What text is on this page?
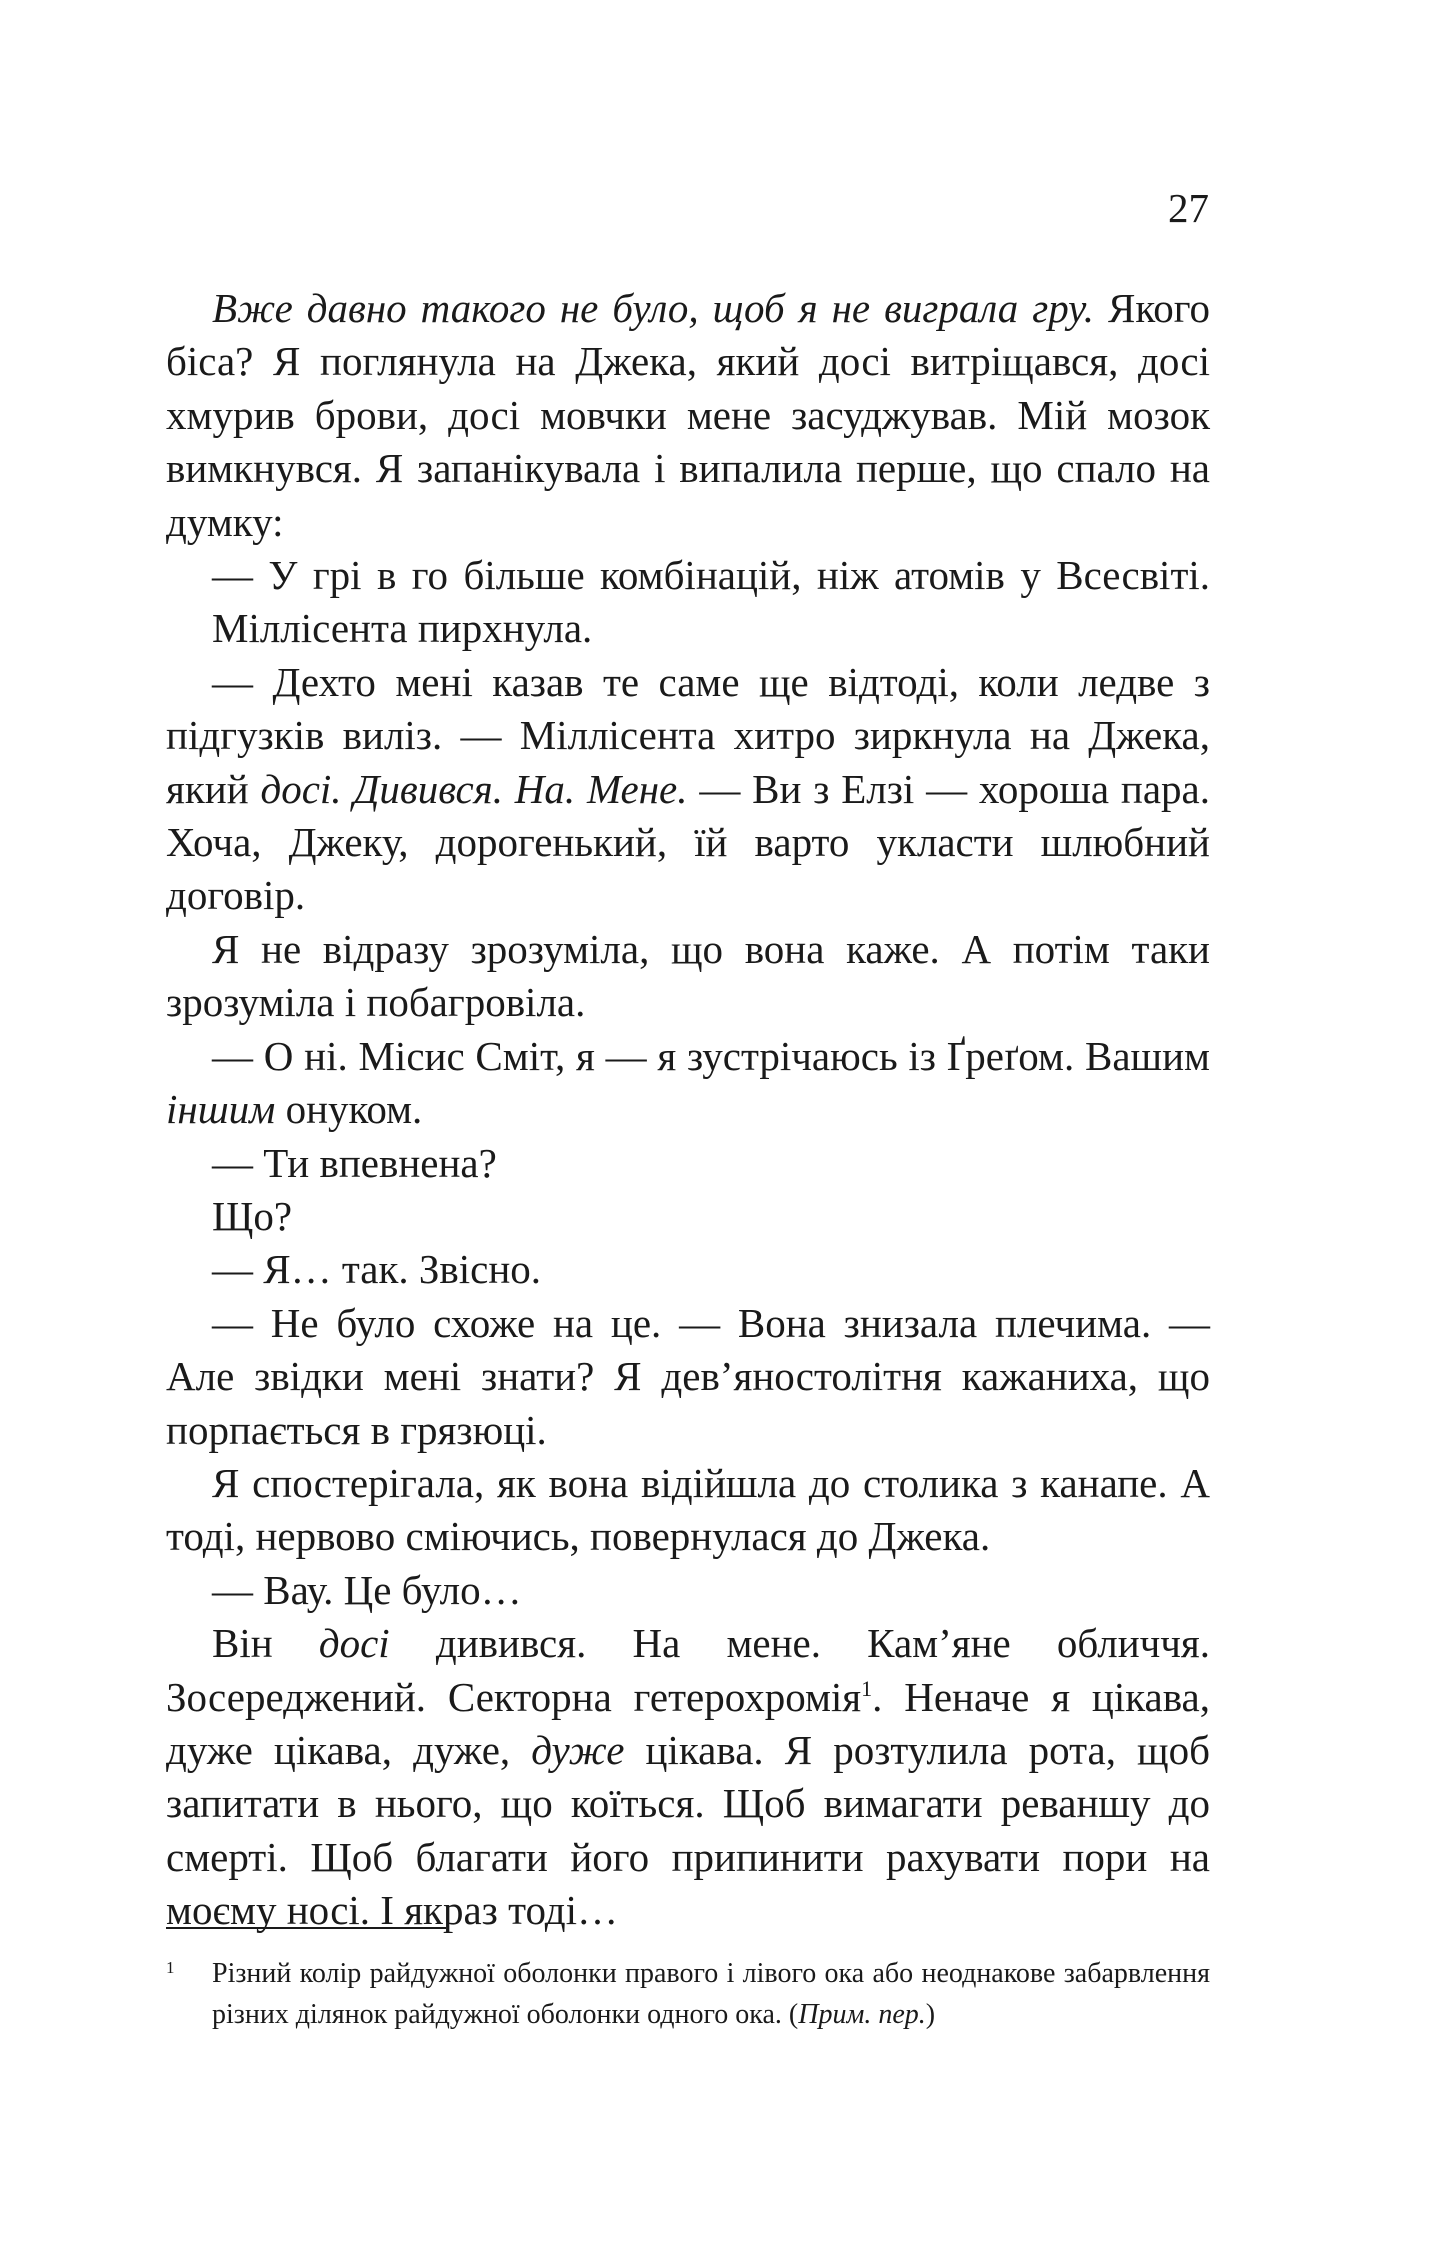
27

Вже давно такого не було, щоб я не виграла гру. Якого біса? Я поглянула на Джека, який досі витріщався, досі хмурив брови, досі мовчки мене засуджував. Мій мозок вимкнувся. Я запанікувала і випалила перше, що спало на думку:

— У грі в го більше комбінацій, ніж атомів у Всесвіті.

Міллісента пирхнула.

— Дехто мені казав те саме ще відтоді, коли ледве з підгузків виліз. — Міллісента хитро зиркнула на Джека, який досі. Дивився. На. Мене. — Ви з Елзі — хороша пара. Хоча, Джеку, дорогенький, їй варто укласти шлюбний договір.

Я не відразу зрозуміла, що вона каже. А потім таки зрозуміла і побагровіла.

— О ні. Місис Сміт, я — я зустрічаюсь із Ґреґом. Вашим іншим онуком.

— Ти впевнена?

Що?

— Я… так. Звісно.

— Не було схоже на це. — Вона знизала плечима. — Але звідки мені знати? Я дев’яностолітня кажаниха, що порпається в грязюці.

Я спостерігала, як вона відійшла до столика з канапе. А тоді, нервово сміючись, повернулася до Джека.

— Вау. Це було…

Він досі дивився. На мене. Кам’яне обличчя. Зосереджений. Секторна гетерохромія$^1$. Неначе я цікава, дуже цікава, дуже, дуже цікава. Я розтулила рота, щоб запитати в нього, що коїться. Щоб вимагати реваншу до смерті. Щоб благати його припинити рахувати пори на моєму носі. І якраз тоді…

1 Різний колір райдужної оболонки правого і лівого ока або неоднакове забарвлення різних ділянок райдужної оболонки одного ока. (Прим. пер.)
